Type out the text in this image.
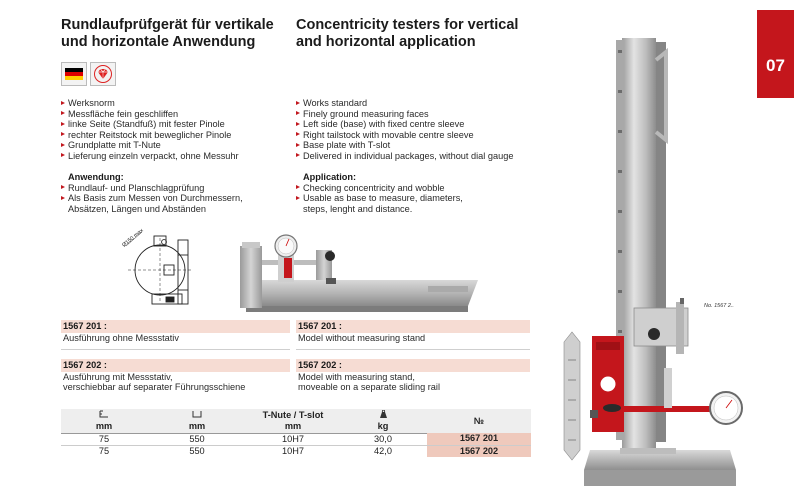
Rundlaufprüfgerät für vertikale
und horizontale Anwendung
Concentricity testers for vertical
and horizontal application
Werksnorm
Messfläche fein geschliffen
linke Seite (Standfuß) mit fester Pinole
rechter Reitstock mit beweglicher Pinole
Grundplatte mit T-Nute
Lieferung einzeln verpackt, ohne Messuhr
Works standard
Finely ground measuring faces
Left side (base) with fixed centre sleeve
Right tailstock with movable centre sleeve
Base plate with T-slot
Delivered in individual packages, without dial gauge
Anwendung:
Rundlauf- und Planschlagprüfung
Als Basis zum Messen von Durchmessern,
Absätzen, Längen und Abständen
Application:
Checking concentricity and wobble
Usable as base to measure, diameters,
steps, lenght and distance.
Ø150 max
1567 201 :
Ausführung ohne Messstativ
1567 202 :
Ausführung mit Messstativ,
verschiebbar auf separater Führungsschiene
1567 201 :
Model without measuring stand
1567 202 :
Model with measuring stand,
moveable on a separate sliding rail
		T-Nute / T-slot		№
mm	mm	mm	kg	
75	550	10H7	30,0	1567 201
75	550	10H7	42,0	1567 202
No. 1567 2..
07
